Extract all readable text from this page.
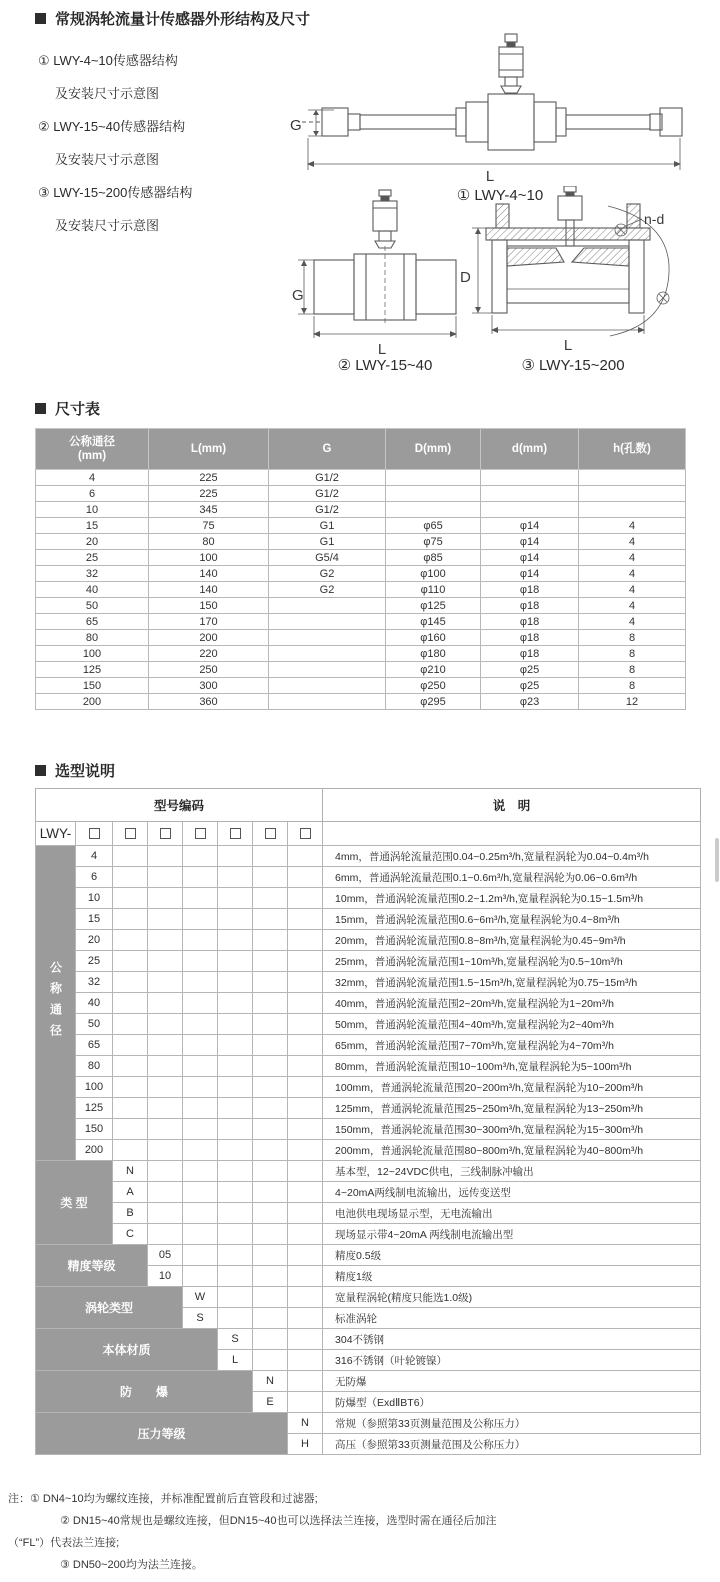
常规涡轮流量计传感器外形结构及尺寸
① LWY-4~10传感器结构
及安装尺寸示意图
② LWY-15~40传感器结构
及安装尺寸示意图
③ LWY-15~200传感器结构
及安装尺寸示意图
G
L
① LWY-4~10
G
L
② LWY-15~40
D
n-d
L
③ LWY-15~200
尺寸表
公称通径
(mm)	L(mm)	G	D(mm)	d(mm)	h(孔数)
4	225	G1/2			
6	225	G1/2			
10	345	G1/2			
15	75	G1	φ65	φ14	4
20	80	G1	φ75	φ14	4
25	100	G5/4	φ85	φ14	4
32	140	G2	φ100	φ14	4
40	140	G2	φ110	φ18	4
50	150		φ125	φ18	4
65	170		φ145	φ18	4
80	200		φ160	φ18	8
100	220		φ180	φ18	8
125	250		φ210	φ25	8
150	300		φ250	φ25	8
200	360		φ295	φ23	12
选型说明
型号编码								说　明
LWY-								

公称通径	4							4mm，普通涡轮流量范围0.04~0.25m³/h,宽量程涡轮为0.04~0.4m³/h
	6							6mm，普通涡轮流量范围0.1~0.6m³/h,宽量程涡轮为0.06~0.6m³/h
	10							10mm，普通涡轮流量范围0.2~1.2m³/h,宽量程涡轮为0.15~1.5m³/h
	15							15mm，普通涡轮流量范围0.6~6m³/h,宽量程涡轮为0.4~8m³/h
	20							20mm，普通涡轮流量范围0.8~8m³/h,宽量程涡轮为0.45~9m³/h
	25							25mm，普通涡轮流量范围1~10m³/h,宽量程涡轮为0.5~10m³/h
	32							32mm，普通涡轮流量范围1.5~15m³/h,宽量程涡轮为0.75~15m³/h
	40							40mm，普通涡轮流量范围2~20m³/h,宽量程涡轮为1~20m³/h
	50							50mm，普通涡轮流量范围4~40m³/h,宽量程涡轮为2~40m³/h
	65							65mm，普通涡轮流量范围7~70m³/h,宽量程涡轮为4~70m³/h
	80							80mm，普通涡轮流量范围10~100m³/h,宽量程涡轮为5~100m³/h
	100							100mm，普通涡轮流量范围20~200m³/h,宽量程涡轮为10~200m³/h
	125							125mm，普通涡轮流量范围25~250m³/h,宽量程涡轮为13~250m³/h
	150							150mm，普通涡轮流量范围30~300m³/h,宽量程涡轮为15~300m³/h
	200							200mm，普通涡轮流量范围80~800m³/h,宽量程涡轮为40~800m³/h

类 型		N						基本型，12~24VDC供电，三线制脉冲输出
		A						4~20mA两线制电流输出，远传变送型
		B						电池供电现场显示型，无电流输出
		C						现场显示带4~20mA 两线制电流输出型

精度等级			05					精度0.5级
			10					精度1级

涡轮类型				W				宽量程涡轮(精度只能选1.0级)
				S				标准涡轮

本体材质					S			304不锈钢
					L			316不锈钢（叶轮镀镍）

防　　爆						N		无防爆
						E		防爆型（ExdⅡBT6）

压力等级							N	常规（参照第33页测量范围及公称压力）
							H	高压（参照第33页测量范围及公称压力）
注：① DN4~10均为螺纹连接，并标准配置前后直管段和过滤器;
② DN15~40常规也是螺纹连接，但DN15~40也可以选择法兰连接，选型时需在通径后加注
（“FL”）代表法兰连接;
③ DN50~200均为法兰连接。
